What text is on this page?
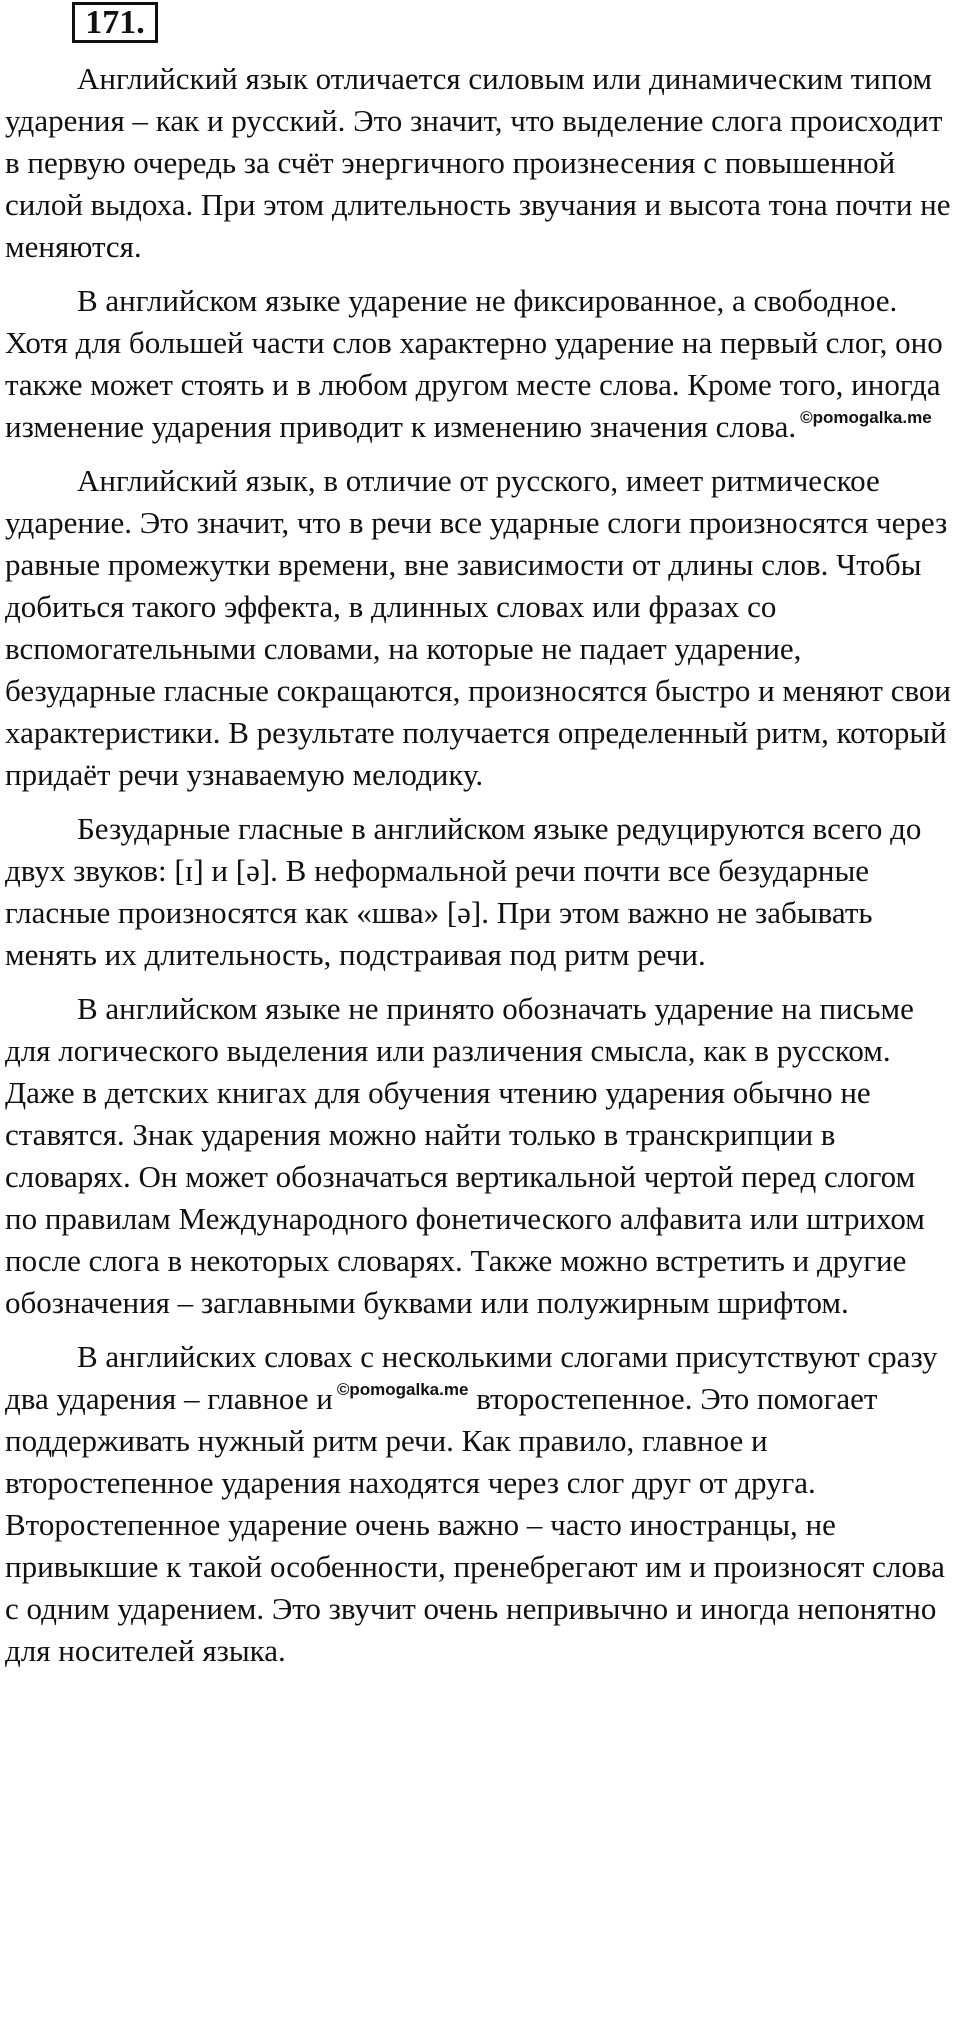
171.

Английский язык отличается силовым или динамическим типом ударения – как и русский. Это значит, что выделение слога происходит в первую очередь за счёт энергичного произнесения с повышенной силой выдоха. При этом длительность звучания и высота тона почти не меняются.

В английском языке ударение не фиксированное, а свободное. Хотя для большей части слов характерно ударение на первый слог, оно также может стоять и в любом другом месте слова. Кроме того, иногда изменение ударения приводит к изменению значения слова. $^{©pomogalka.me}$

Английский язык, в отличие от русского, имеет ритмическое ударение. Это значит, что в речи все ударные слоги произносятся через равные промежутки времени, вне зависимости от длины слов. Чтобы добиться такого эффекта, в длинных словах или фразах со вспомогательными словами, на которые не падает ударение, безударные гласные сокращаются, произносятся быстро и меняют свои характеристики. В результате получается определенный ритм, который придаёт речи узнаваемую мелодику.

Безударные гласные в английском языке редуцируются всего до двух звуков: [ɪ] и [ə]. В неформальной речи почти все безударные гласные произносятся как «шва» [ə]. При этом важно не забывать менять их длительность, подстраивая под ритм речи.

В английском языке не принято обозначать ударение на письме для логического выделения или различения смысла, как в русском. Даже в детских книгах для обучения чтению ударения обычно не ставятся. Знак ударения можно найти только в транскрипции в словарях. Он может обозначаться вертикальной чертой перед слогом по правилам Международного фонетического алфавита или штрихом после слога в некоторых словарях. Также можно встретить и другие обозначения – заглавными буквами или полужирным шрифтом.

В английских словах с несколькими слогами присутствуют сразу два ударения – главное и $^{©pomogalka.me}$ второстепенное. Это помогает поддерживать нужный ритм речи. Как правило, главное и второстепенное ударения находятся через слог друг от друга. Второстепенное ударение очень важно – часто иностранцы, не привыкшие к такой особенности, пренебрегают им и произносят слова с одним ударением. Это звучит очень непривычно и иногда непонятно для носителей языка.
